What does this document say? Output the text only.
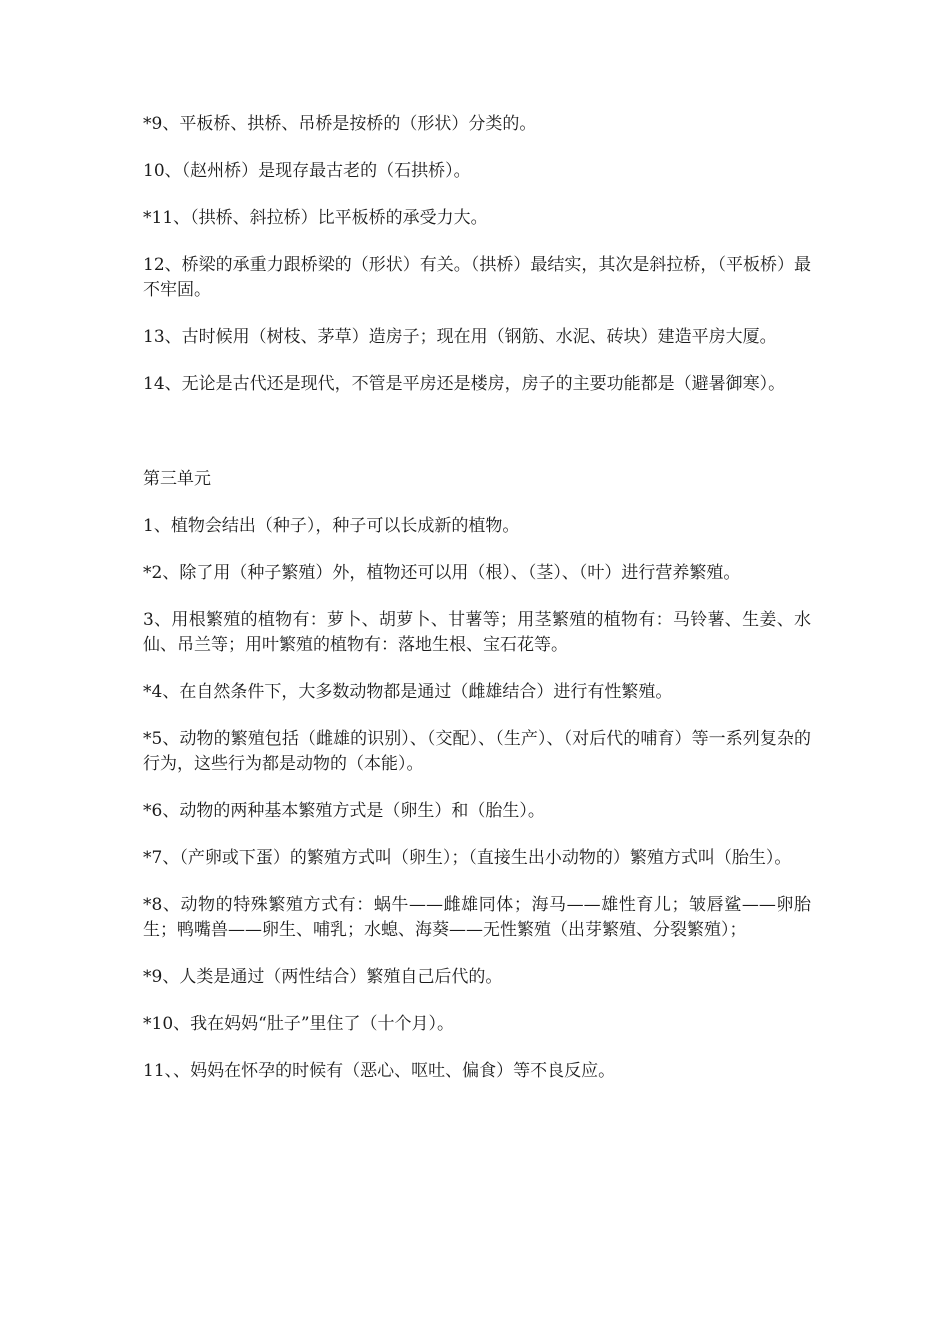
*9、平板桥、拱桥、吊桥是按桥的（形状）分类的。

10、（赵州桥）是现存最古老的（石拱桥）。

*11、（拱桥、斜拉桥）比平板桥的承受力大。

12、桥梁的承重力跟桥梁的（形状）有关。（拱桥）最结实，其次是斜拉桥，（平板桥）最不牢固。

13、古时候用（树枝、茅草）造房子；现在用（钢筋、水泥、砖块）建造平房大厦。

14、无论是古代还是现代，不管是平房还是楼房，房子的主要功能都是（避暑御寒）。

第三单元

1、植物会结出（种子），种子可以长成新的植物。

*2、除了用（种子繁殖）外，植物还可以用（根）、（茎）、（叶）进行营养繁殖。

3、用根繁殖的植物有：萝卜、胡萝卜、甘薯等；用茎繁殖的植物有：马铃薯、生姜、水仙、吊兰等；用叶繁殖的植物有：落地生根、宝石花等。

*4、在自然条件下，大多数动物都是通过（雌雄结合）进行有性繁殖。

*5、动物的繁殖包括（雌雄的识别）、（交配）、（生产）、（对后代的哺育）等一系列复杂的行为，这些行为都是动物的（本能）。

*6、动物的两种基本繁殖方式是（卵生）和（胎生）。

*7、（产卵或下蛋）的繁殖方式叫（卵生）；（直接生出小动物的）繁殖方式叫（胎生）。

*8、动物的特殊繁殖方式有：蜗牛——雌雄同体；海马——雄性育儿；皱唇鲨——卵胎生；鸭嘴兽——卵生、哺乳；水螅、海葵——无性繁殖（出芽繁殖、分裂繁殖）；

*9、人类是通过（两性结合）繁殖自己后代的。

*10、我在妈妈“肚子”里住了（十个月）。

11、、妈妈在怀孕的时候有（恶心、呕吐、偏食）等不良反应。
